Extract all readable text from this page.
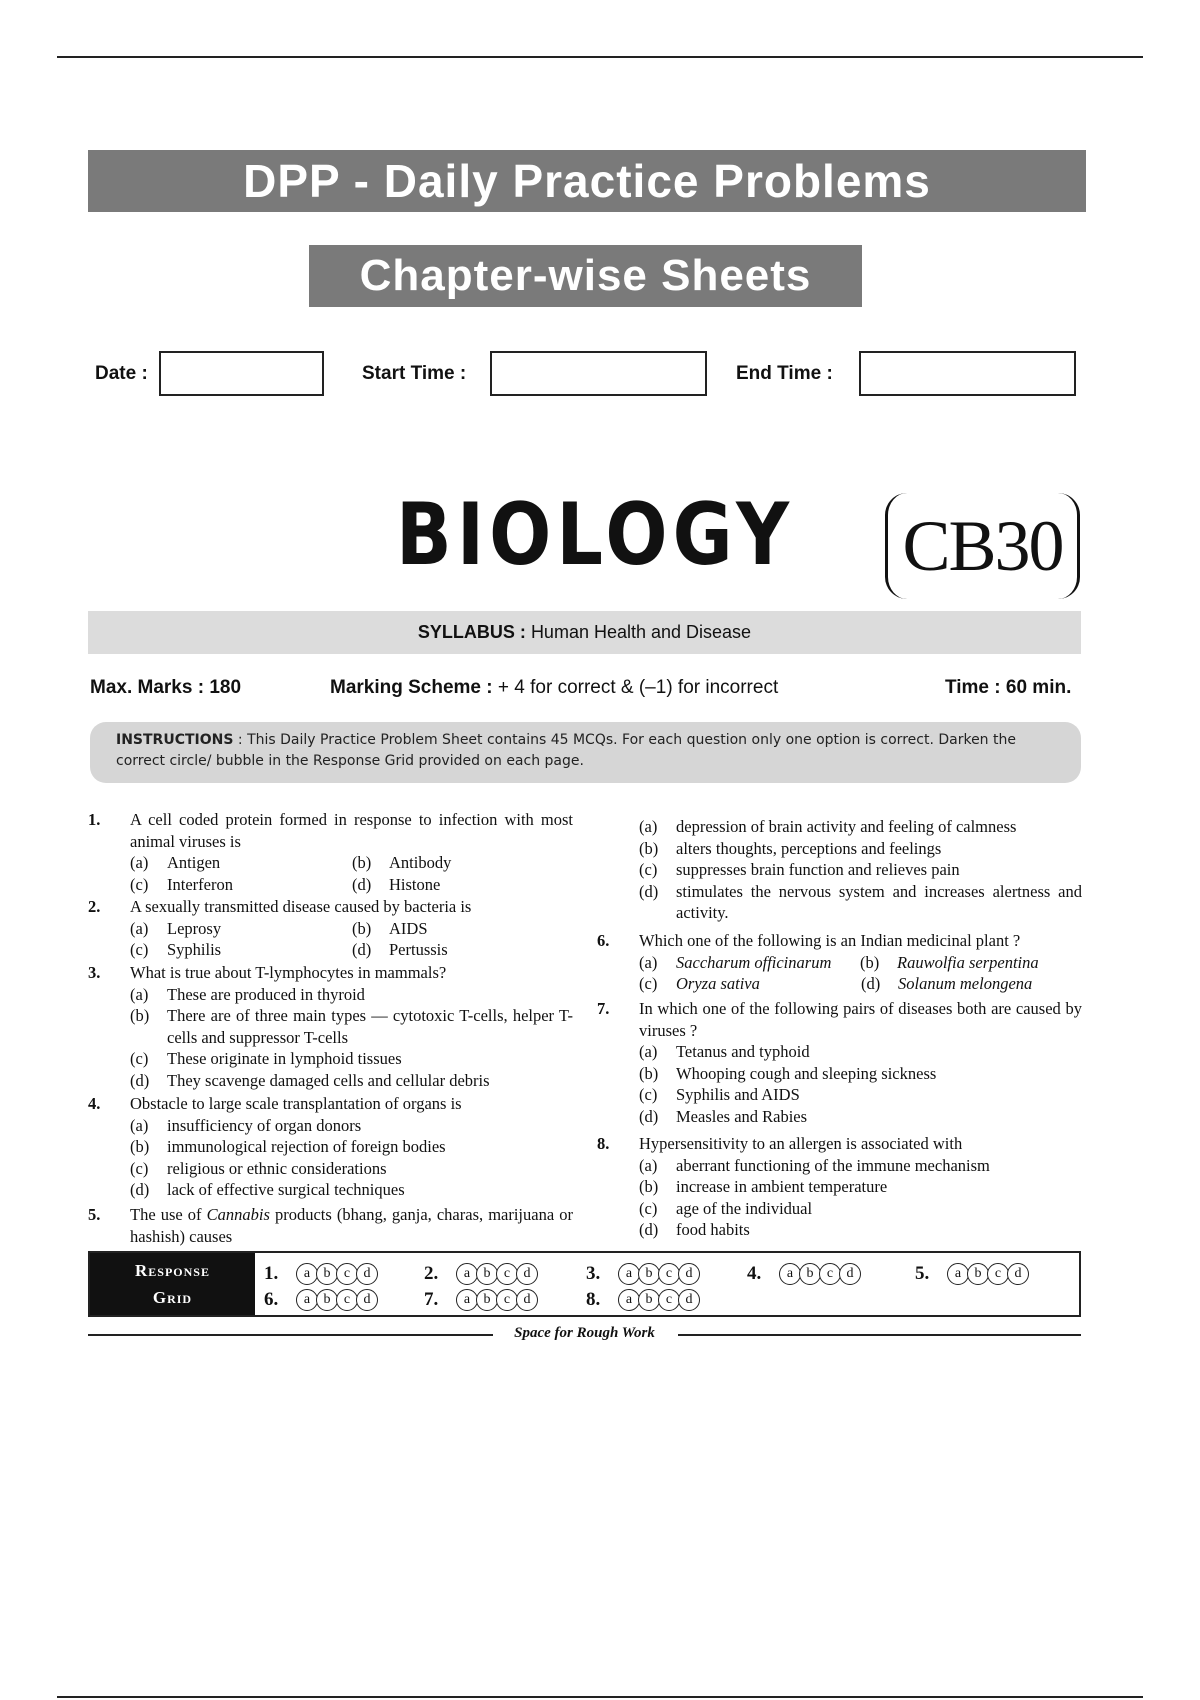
DPP - Daily Practice Problems
Chapter-wise Sheets
Date :	Start Time :	End Time :
BIOLOGY CB30
SYLLABUS : Human Health and Disease
Max. Marks : 180	Marking Scheme : + 4 for correct & (–1) for incorrect	Time : 60 min.
INSTRUCTIONS : This Daily Practice Problem Sheet contains 45 MCQs. For each question only one option is correct. Darken the correct circle/ bubble in the Response Grid provided on each page.
1. A cell coded protein formed in response to infection with most animal viruses is
(a) Antigen	(b) Antibody
(c) Interferon	(d) Histone
2. A sexually transmitted disease caused by bacteria is
(a) Leprosy	(b) AIDS
(c) Syphilis	(d) Pertussis
3. What is true about T-lymphocytes in mammals?
(a) These are produced in thyroid
(b) There are of three main types — cytotoxic T-cells, helper T-cells and suppressor T-cells
(c) These originate in lymphoid tissues
(d) They scavenge damaged cells and cellular debris
4. Obstacle to large scale transplantation of organs is
(a) insufficiency of organ donors
(b) immunological rejection of foreign bodies
(c) religious or ethnic considerations
(d) lack of effective surgical techniques
5. The use of Cannabis products (bhang, ganja, charas, marijuana or hashish) causes
(a) depression of brain activity and feeling of calmness
(b) alters thoughts, perceptions and feelings
(c) suppresses brain function and relieves pain
(d) stimulates the nervous system and increases alertness and activity.
6. Which one of the following is an Indian medicinal plant ?
(a) Saccharum officinarum (b) Rauwolfia serpentina
(c) Oryza sativa	(d) Solanum melongena
7. In which one of the following pairs of diseases both are caused by viruses ?
(a) Tetanus and typhoid
(b) Whooping cough and sleeping sickness
(c) Syphilis and AIDS
(d) Measles and Rabies
8. Hypersensitivity to an allergen is associated with
(a) aberrant functioning of the immune mechanism
(b) increase in ambient temperature
(c) age of the individual
(d) food habits
Response
Grid
1. a b c d	2. a b c d	3. a b c d	4. a b c d	5. a b c d
6. a b c d	7. a b c d	8. a b c d
Space for Rough Work
